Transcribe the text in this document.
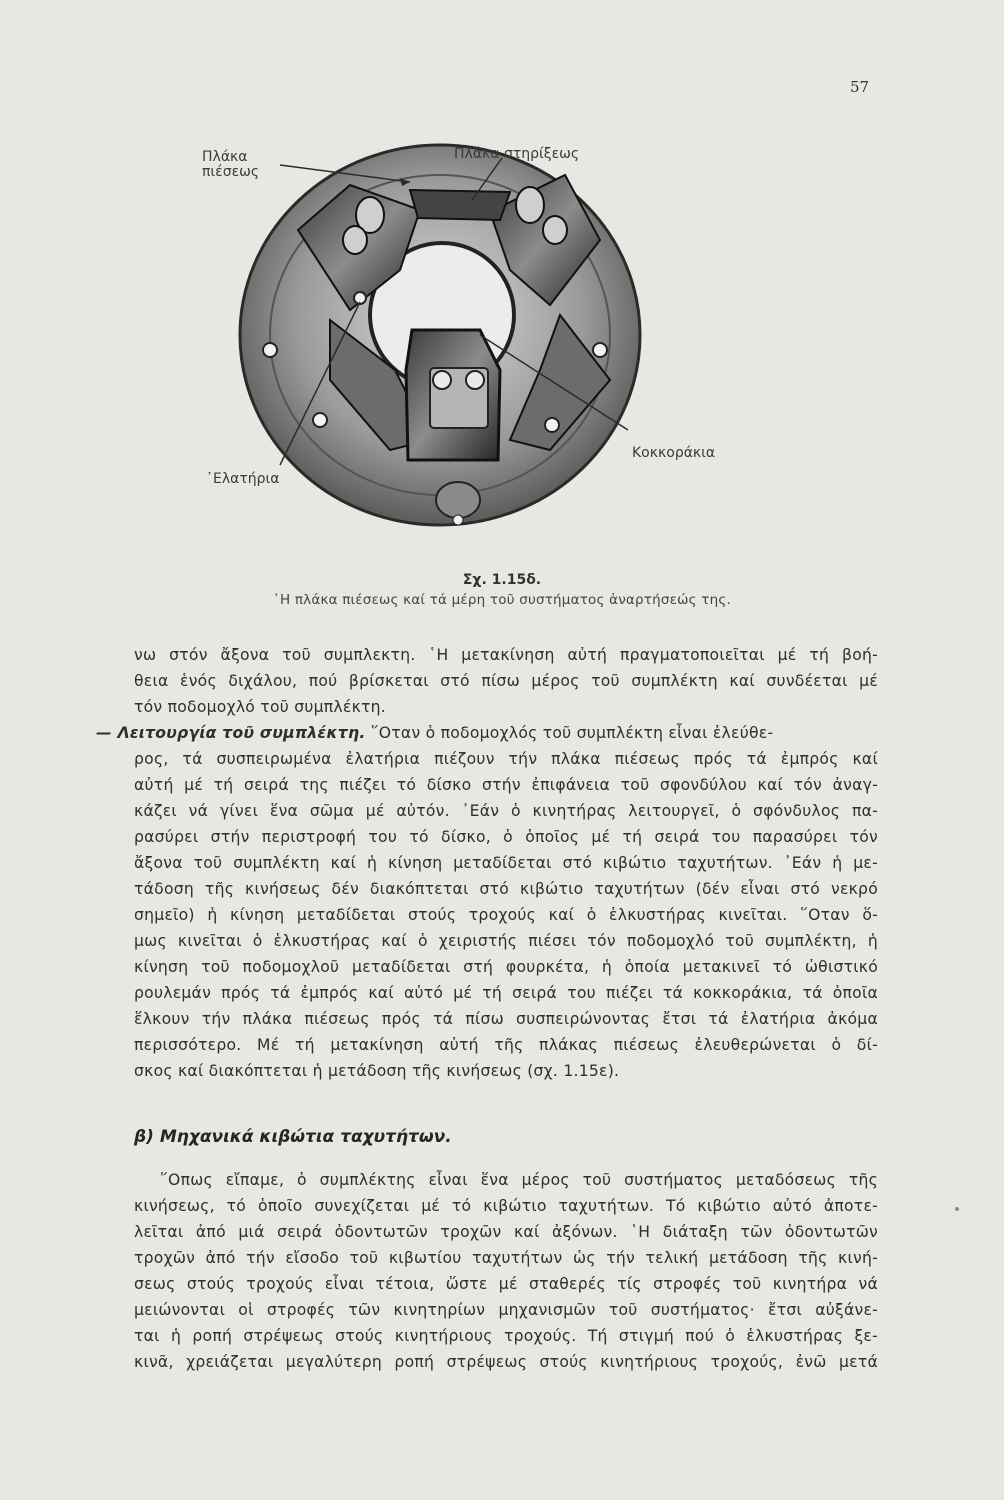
57
Πλάκα
πιέσεως
Πλάκα στηρίξεως
᾿Ελατήρια
Κοκκοράκια
Σχ. 1.15δ.
῾Η πλάκα πιέσεως καί τά μέρη τοῦ συστήματος ἀναρτήσεώς της.
νω στόν ἄξονα τοῦ συμπλεκτη. ῾Η μετακίνηση αὐτή πραγματοποιεῖται μέ τή βοή-
θεια ἑνός διχάλου, πού βρίσκεται στό πίσω μέρος τοῦ συμπλέκτη καί συνδέεται μέ
τόν ποδομοχλό τοῦ συμπλέκτη.
— Λειτουργία τοῦ συμπλέκτη. ῞Οταν ὁ ποδομοχλός τοῦ συμπλέκτη εἶναι ἐλεύθε-
ρος, τά συσπειρωμένα ἐλατήρια πιέζουν τήν πλάκα πιέσεως πρός τά ἐμπρός καί
αὐτή μέ τή σειρά της πιέζει τό δίσκο στήν ἐπιφάνεια τοῦ σφονδύλου καί τόν ἀναγ-
κάζει νά γίνει ἕνα σῶμα μέ αὐτόν. ᾿Εάν ὁ κινητήρας λειτουργεῖ, ὁ σφόνδυλος πα-
ρασύρει στήν περιστροφή του τό δίσκο, ὁ ὁποῖος μέ τή σειρά του παρασύρει τόν
ἄξονα τοῦ συμπλέκτη καί ἡ κίνηση μεταδίδεται στό κιβώτιο ταχυτήτων. ᾿Εάν ἡ με-
τάδοση τῆς κινήσεως δέν διακόπτεται στό κιβώτιο ταχυτήτων (δέν εἶναι στό νεκρό
σημεῖο) ἡ κίνηση μεταδίδεται στούς τροχούς καί ὁ ἑλκυστήρας κινεῖται. ῞Οταν ὅ-
μως κινεῖται ὁ ἑλκυστήρας καί ὁ χειριστής πιέσει τόν ποδομοχλό τοῦ συμπλέκτη, ἡ
κίνηση τοῦ ποδομοχλοῦ μεταδίδεται στή φουρκέτα, ἡ ὁποία μετακινεῖ τό ὠθιστικό
ρουλεμάν πρός τά ἐμπρός καί αὐτό μέ τή σειρά του πιέζει τά κοκκοράκια, τά ὁποῖα
ἕλκουν τήν πλάκα πιέσεως πρός τά πίσω συσπειρώνοντας ἔτσι τά ἐλατήρια ἀκόμα
περισσότερο. Μέ τή μετακίνηση αὐτή τῆς πλάκας πιέσεως ἐλευθερώνεται ὁ δί-
σκος καί διακόπτεται ἡ μετάδοση τῆς κινήσεως (σχ. 1.15ε).
β) Μηχανικά κιβώτια ταχυτήτων.
῞Οπως εἴπαμε, ὁ συμπλέκτης εἶναι ἕνα μέρος τοῦ συστήματος μεταδόσεως τῆς
κινήσεως, τό ὁποῖο συνεχίζεται μέ τό κιβώτιο ταχυτήτων. Τό κιβώτιο αὐτό ἀποτε-
λεῖται ἀπό μιά σειρά ὀδοντωτῶν τροχῶν καί ἀξόνων. ῾Η διάταξη τῶν ὀδοντωτῶν
τροχῶν ἀπό τήν εἴσοδο τοῦ κιβωτίου ταχυτήτων ὡς τήν τελική μετάδοση τῆς κινή-
σεως στούς τροχούς εἶναι τέτοια, ὥστε μέ σταθερές τίς στροφές τοῦ κινητήρα νά
μειώνονται οἱ στροφές τῶν κινητηρίων μηχανισμῶν τοῦ συστήματος· ἔτσι αὐξάνε-
ται ἡ ροπή στρέψεως στούς κινητήριους τροχούς. Τή στιγμή πού ὁ ἑλκυστήρας ξε-
κινᾶ, χρειάζεται μεγαλύτερη ροπή στρέψεως στούς κινητήριους τροχούς, ἐνῶ μετά
